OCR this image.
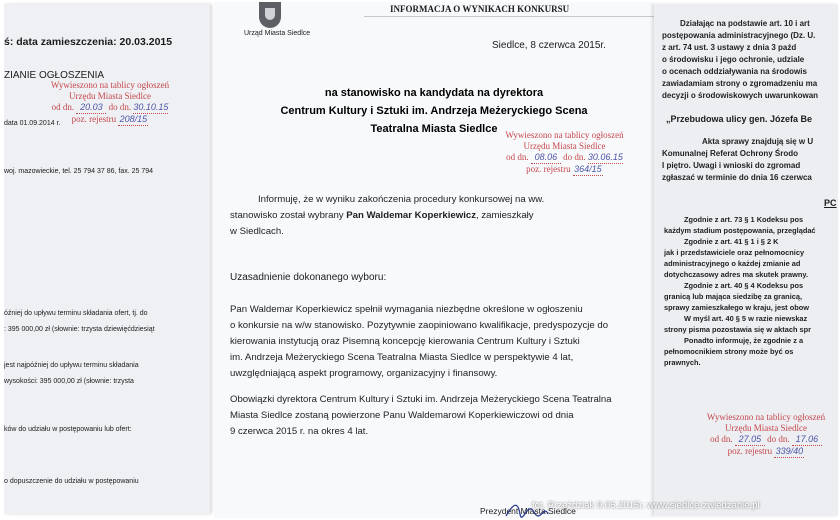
ś: data zamieszczenia: 20.03.2015
ZIANIE OGŁOSZENIA
Wywieszono na tablicy ogłoszeń
Urzędu Miasta Siedlce
od dn. 20.03 do dn. 30.10.15
poz. rejestru 208/15
data 01.09.2014 r.
woj. mazowieckie, tel. 25 794 37 86, fax. 25 794
óźniej do upływu terminu składania ofert, tj. do
: 395 000,00 zł (słownie: trzysta dziewięćdziesiąt
jest najpóźniej do upływu terminu składania
wysokości: 395 000,00 zł (słownie: trzysta
ków do udziału w postępowaniu lub ofert:
o dopuszczenie do udziału w postępowaniu
Urząd Miasta Siedlce
INFORMACJA O WYNIKACH KONKURSU
Siedlce, 8 czerwca 2015r.
na stanowisko na kandydata na dyrektora
Centrum Kultury i Sztuki im. Andrzeja Meżeryckiego Scena
Teatralna Miasta Siedlce Wywieszono na tablicy ogłoszeń
Urzędu Miasta Siedlce
od dn. 08.06 do dn. 30.06.15
poz. rejestru 364/15

Informuję, że w wyniku zakończenia procedury konkursowej na ww.

stanowisko został wybrany Pan Waldemar Koperkiewicz, zamieszkały

w Siedlcach.

Uzasadnienie dokonanego wyboru:

Pan Waldemar Koperkiewicz spełnił wymagania niezbędne określone w ogłoszeniu

o konkursie na w/w stanowisko. Pozytywnie zaopiniowano kwalifikacje, predyspozycje do

kierowania instytucją oraz Pisemną koncepcję kierowania Centrum Kultury i Sztuki

im. Andrzeja Meżeryckiego Scena Teatralna Miasta Siedlce w perspektywie 4 lat,

uwzględniającą aspekt programowy, organizacyjny i finansowy.

Obowiązki dyrektora Centrum Kultury i Sztuki im. Andrzeja Meżeryckiego Scena Teatralna

Miasta Siedlce zostaną powierzone Panu Waldemarowi Koperkiewiczowi od dnia

9 czerwca 2015 r. na okres 4 lat.

Prezydent Miasta Siedlce
Działając na podstawie art. 10 i art
postępowania administracyjnego (Dz. U.
z art. 74 ust. 3 ustawy z dnia 3 paźd
o środowisku i jego ochronie, udziale
o ocenach oddziaływania na środowis
zawiadamiam strony o zgromadzeniu ma
decyzji o środowiskowych uwarunkowan
„Przebudowa ulicy gen. Józefa Be
Akta sprawy znajdują się w U
Komunalnej Referat Ochrony Środo
I piętro. Uwagi i wnioski do zgromad
zgłaszać w terminie do dnia 16 czerwca
PC
Zgodnie z art. 73 § 1 Kodeksu pos
każdym stadium postępowania, przeglądać
Zgodnie z art. 41 § 1 i § 2 K
jak i przedstawiciele oraz pełnomocnicy
administracyjnego o każdej zmianie ad
dotychczasowy adres ma skutek prawny.
Zgodnie z art. 40 § 4 Kodeksu pos
granicą lub mająca siedzibę za granicą,
sprawy zamieszkałego w kraju, jest obow
W myśl art. 40 § 5 w razie niewskaz
strony pisma pozostawia się w aktach spr
Ponadto informuję, że zgodnie z a
pełnomocnikiem strony może być os
prawnych.
Wywieszono na tablicy ogłoszeń
Urzędu Miasta Siedlce
od dn. 27.05 do dn. 17.06
poz. rejestru 339/40
fot. Przeździak 9.06.2015r. www.siedlce-zwiedzanie.pl
